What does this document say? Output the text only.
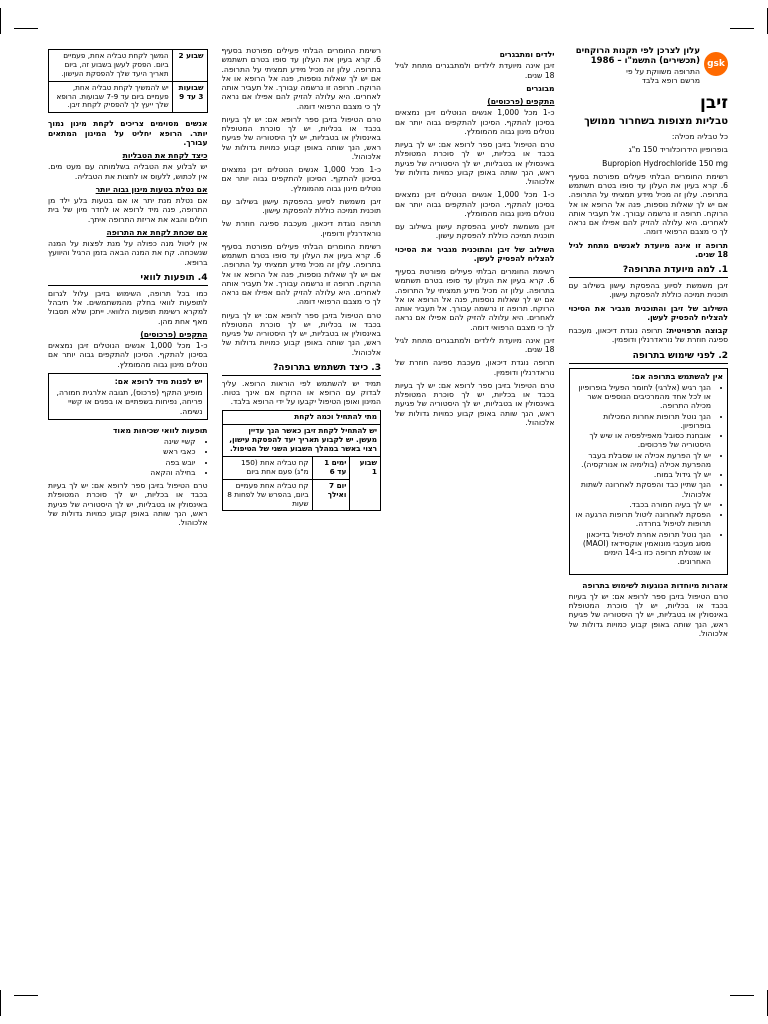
gsk
עלון לצרכן לפי תקנות הרוקחים
(תכשירים) התשמ"ו – 1986
התרופה משווקת על פי
מרשם רופא בלבד
זיבן
טבליות מצופות בשחרור ממושך

כל טבליה מכילה:

בופרופיון הידרוכלוריד 150 מ"ג

Bupropion Hydrochloride 150 mg

רשימת החומרים הבלתי פעילים מפורטת בסעיף 6. קרא בעיון את העלון עד סופו בטרם תשתמש בתרופה. עלון זה מכיל מידע תמציתי על התרופה. אם יש לך שאלות נוספות, פנה אל הרופא או אל הרוקח. תרופה זו נרשמה עבורך. אל תעביר אותה לאחרים. היא עלולה להזיק להם אפילו אם נראה לך כי מצבם הרפואי דומה.

תרופה זו אינה מיועדת לאנשים מתחת לגיל 18 שנים.

1. למה מיועדת התרופה?

זיבן משמשת לסיוע בהפסקת עישון בשילוב עם תוכנית תמיכה כוללת להפסקת עישון.

השילוב של זיבן והתוכנית מגביר את הסיכוי להצליח להפסיק לעשן.

קבוצה תרפויטית: תרופה נוגדת דיכאון, מעכבת ספיגה חוזרת של נוראדרנלין ודופמין.

2. לפני שימוש בתרופה
אין להשתמש בתרופה אם:
• הנך רגיש (אלרגי) לחומר הפעיל בופרופיון או לכל אחד מהמרכיבים הנוספים אשר מכילה התרופה.
• הנך נוטל תרופות אחרות המכילות בופרופיון.
• אובחנת כסובל מאפילפסיה או שיש לך היסטוריה של פרכוסים.
• יש לך הפרעת אכילה או שסבלת בעבר מהפרעת אכילה (בולימיה או אנורקסיה).
• יש לך גידול במוח.
• הנך שתיין כבד והפסקת לאחרונה לשתות אלכוהול.
• יש לך בעיה חמורה בכבד.
• הפסקת לאחרונה ליטול תרופות הרגעה או תרופות לטיפול בחרדה.
• הנך נוטל תרופה אחרת לטיפול בדיכאון מסוג מעכבי מונואמין אוקסידאז (MAOI) או שנטלת תרופה כזו ב-14 הימים האחרונים.
אזהרות מיוחדות הנוגעות לשימוש בתרופה

טרם הטיפול בזיבן ספר לרופא אם: יש לך בעיות בכבד או בכליות, יש לך סוכרת המטופלת באינסולין או בטבליות, יש לך היסטוריה של פגיעת ראש, הנך שותה באופן קבוע כמויות גדולות של אלכוהול.

ילדים ומתבגרים

זיבן אינה מיועדת לילדים ולמתבגרים מתחת לגיל 18 שנים.

מבוגרים
התקפים (פרכוסים)

כ-1 מכל 1,000 אנשים הנוטלים זיבן נמצאים בסיכון להתקף. הסיכון להתקפים גבוה יותר אם נוטלים מינון גבוה מהמומלץ.

טרם הטיפול בזיבן ספר לרופא אם: יש לך בעיות בכבד או בכליות, יש לך סוכרת המטופלת באינסולין או בטבליות, יש לך היסטוריה של פגיעת ראש, הנך שותה באופן קבוע כמויות גדולות של אלכוהול.

כ-1 מכל 1,000 אנשים הנוטלים זיבן נמצאים בסיכון להתקף. הסיכון להתקפים גבוה יותר אם נוטלים מינון גבוה מהמומלץ.

זיבן משמשת לסיוע בהפסקת עישון בשילוב עם תוכנית תמיכה כוללת להפסקת עישון.

השילוב של זיבן והתוכנית מגביר את הסיכוי להצליח להפסיק לעשן.

רשימת החומרים הבלתי פעילים מפורטת בסעיף 6. קרא בעיון את העלון עד סופו בטרם תשתמש בתרופה. עלון זה מכיל מידע תמציתי על התרופה. אם יש לך שאלות נוספות, פנה אל הרופא או אל הרוקח. תרופה זו נרשמה עבורך. אל תעביר אותה לאחרים. היא עלולה להזיק להם אפילו אם נראה לך כי מצבם הרפואי דומה.

זיבן אינה מיועדת לילדים ולמתבגרים מתחת לגיל 18 שנים.

תרופה נוגדת דיכאון, מעכבת ספיגה חוזרת של נוראדרנלין ודופמין.

טרם הטיפול בזיבן ספר לרופא אם: יש לך בעיות בכבד או בכליות, יש לך סוכרת המטופלת באינסולין או בטבליות, יש לך היסטוריה של פגיעת ראש, הנך שותה באופן קבוע כמויות גדולות של אלכוהול.

רשימת החומרים הבלתי פעילים מפורטת בסעיף 6. קרא בעיון את העלון עד סופו בטרם תשתמש בתרופה. עלון זה מכיל מידע תמציתי על התרופה. אם יש לך שאלות נוספות, פנה אל הרופא או אל הרוקח. תרופה זו נרשמה עבורך. אל תעביר אותה לאחרים. היא עלולה להזיק להם אפילו אם נראה לך כי מצבם הרפואי דומה.

טרם הטיפול בזיבן ספר לרופא אם: יש לך בעיות בכבד או בכליות, יש לך סוכרת המטופלת באינסולין או בטבליות, יש לך היסטוריה של פגיעת ראש, הנך שותה באופן קבוע כמויות גדולות של אלכוהול.

כ-1 מכל 1,000 אנשים הנוטלים זיבן נמצאים בסיכון להתקף. הסיכון להתקפים גבוה יותר אם נוטלים מינון גבוה מהמומלץ.

זיבן משמשת לסיוע בהפסקת עישון בשילוב עם תוכנית תמיכה כוללת להפסקת עישון.

תרופה נוגדת דיכאון, מעכבת ספיגה חוזרת של נוראדרנלין ודופמין.

רשימת החומרים הבלתי פעילים מפורטת בסעיף 6. קרא בעיון את העלון עד סופו בטרם תשתמש בתרופה. עלון זה מכיל מידע תמציתי על התרופה. אם יש לך שאלות נוספות, פנה אל הרופא או אל הרוקח. תרופה זו נרשמה עבורך. אל תעביר אותה לאחרים. היא עלולה להזיק להם אפילו אם נראה לך כי מצבם הרפואי דומה.

טרם הטיפול בזיבן ספר לרופא אם: יש לך בעיות בכבד או בכליות, יש לך סוכרת המטופלת באינסולין או בטבליות, יש לך היסטוריה של פגיעת ראש, הנך שותה באופן קבוע כמויות גדולות של אלכוהול.

3. כיצד תשתמש בתרופה?

תמיד יש להשתמש לפי הוראות הרופא. עליך לבדוק עם הרופא או הרוקח אם אינך בטוח. המינון ואופן הטיפול יקבעו על ידי הרופא בלבד.

מתי להתחיל וכמה לקחת		
יש להתחיל לקחת זיבן כאשר הנך עדיין מעשן. יש לקבוע תאריך יעד להפסקת עישון, רצוי באשר במהלך השבוע השני של הטיפול.		
שבוע 1	ימים 1 עד 6	קח טבליה אחת (150 מ"ג) פעם אחת ביום
	יום 7 ואילך	קח טבליה אחת פעמיים ביום, בהפרש של לפחות 8 שעות
שבוע 2	המשך לקחת טבליה אחת, פעמיים ביום. הפסק לעשן בשבוע זה, ביום תאריך היעד שלך להפסקת העישון.
שבועות 3 עד 9	יש להמשיך לקחת טבליה אחת, פעמיים ביום עד 7-9 שבועות. הרופא שלך ייעץ לך להפסיק לקחת זיבן.

אנשים מסוימים צריכים לקחת מינון נמוך יותר. הרופא יחליט על המינון המתאים עבורך.

כיצד לקחת את הטבליות

יש לבלוע את הטבליה בשלמותה עם מעט מים. אין לכתוש, ללעוס או לחצות את הטבליה.

אם נטלת בטעות מינון גבוה יותר

אם נטלת מנת יתר או אם בטעות בלע ילד מן התרופה, פנה מיד לרופא או לחדר מיון של בית חולים והבא את אריזת התרופה איתך.

אם שכחת לקחת את התרופה

אין ליטול מנה כפולה על מנת לפצות על המנה שנשכחה. קח את המנה הבאה בזמן הרגיל והיוועץ ברופא.

4. תופעות לוואי

כמו בכל תרופה, השימוש בזיבן עלול לגרום לתופעות לוואי בחלק מהמשתמשים. אל תיבהל למקרא רשימת תופעות הלוואי. ייתכן שלא תסבול מאף אחת מהן.

התקפים (פרכוסים)

כ-1 מכל 1,000 אנשים הנוטלים זיבן נמצאים בסיכון להתקף. הסיכון להתקפים גבוה יותר אם נוטלים מינון גבוה מהמומלץ.

יש לפנות מיד לרופא אם:
מופיע התקף (פרכוס), תגובה אלרגית חמורה, פריחה, נפיחות בשפתיים או בפנים או קשיי נשימה.
תופעות לוואי שכיחות מאוד
• קשיי שינה
• כאבי ראש
• יובש בפה
• בחילה והקאה

טרם הטיפול בזיבן ספר לרופא אם: יש לך בעיות בכבד או בכליות, יש לך סוכרת המטופלת באינסולין או בטבליות, יש לך היסטוריה של פגיעת ראש, הנך שותה באופן קבוע כמויות גדולות של אלכוהול.
